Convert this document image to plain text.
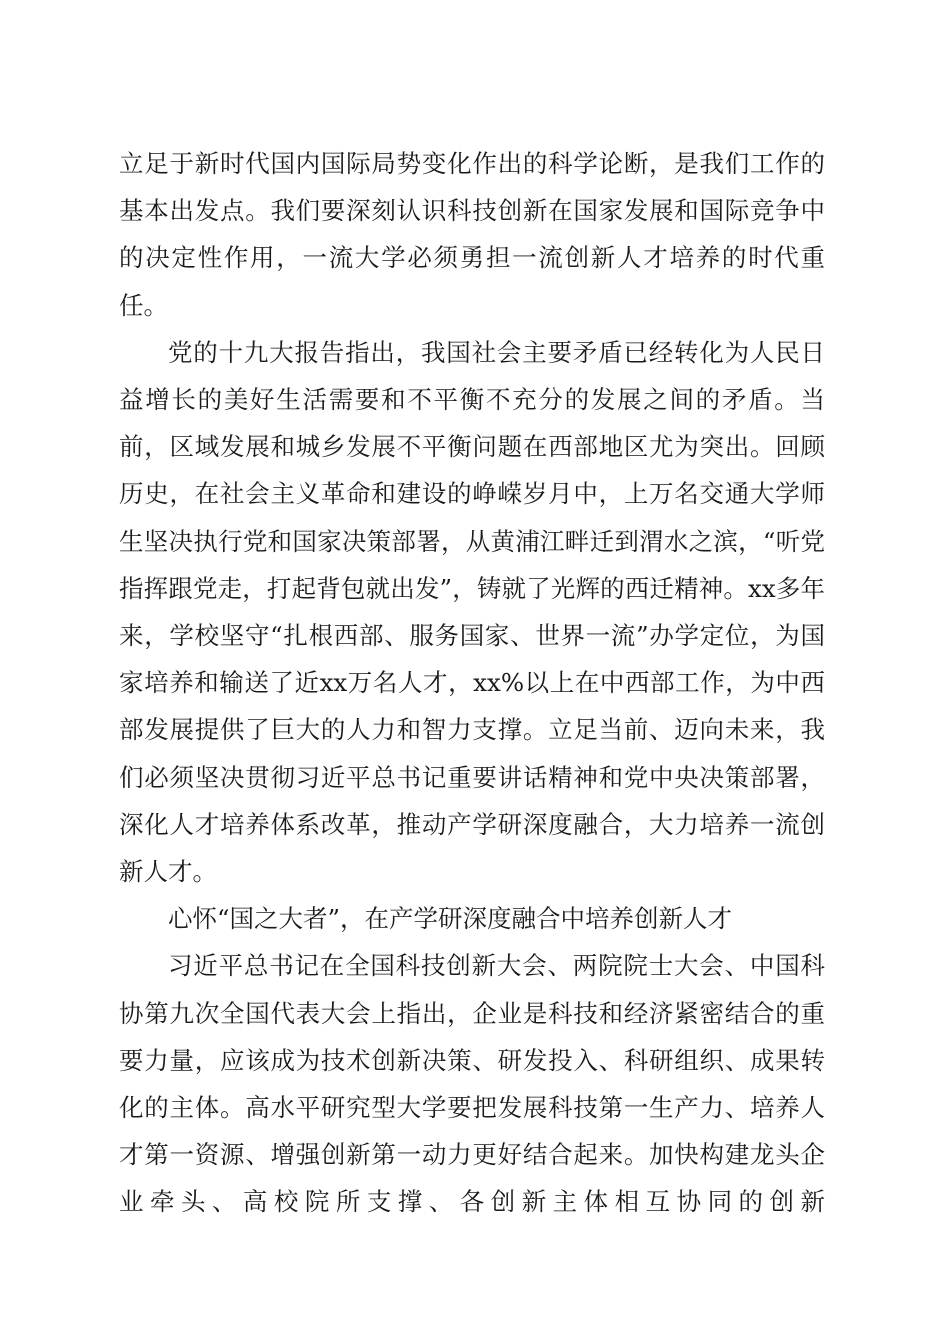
立足于新时代国内国际局势变化作出的科学论断，是我们工作的基本出发点。我们要深刻认识科技创新在国家发展和国际竞争中的决定性作用，一流大学必须勇担一流创新人才培养的时代重任。

党的十九大报告指出，我国社会主要矛盾已经转化为人民日益增长的美好生活需要和不平衡不充分的发展之间的矛盾。当前，区域发展和城乡发展不平衡问题在西部地区尤为突出。回顾历史，在社会主义革命和建设的峥嵘岁月中，上万名交通大学师生坚决执行党和国家决策部署，从黄浦江畔迁到渭水之滨，“听党指挥跟党走，打起背包就出发”，铸就了光辉的西迁精神。xx多年来，学校坚守“扎根西部、服务国家、世界一流”办学定位，为国家培养和输送了近xx万名人才，xx%以上在中西部工作，为中西部发展提供了巨大的人力和智力支撑。立足当前、迈向未来，我们必须坚决贯彻习近平总书记重要讲话精神和党中央决策部署，深化人才培养体系改革，推动产学研深度融合，大力培养一流创新人才。

心怀“国之大者”，在产学研深度融合中培养创新人才

习近平总书记在全国科技创新大会、两院院士大会、中国科协第九次全国代表大会上指出，企业是科技和经济紧密结合的重要力量，应该成为技术创新决策、研发投入、科研组织、成果转化的主体。高水平研究型大学要把发展科技第一生产力、培养人才第一资源、增强创新第一动力更好结合起来。加快构建龙头企业牵头、高校院所支撑、各创新主体相互协同的创新
